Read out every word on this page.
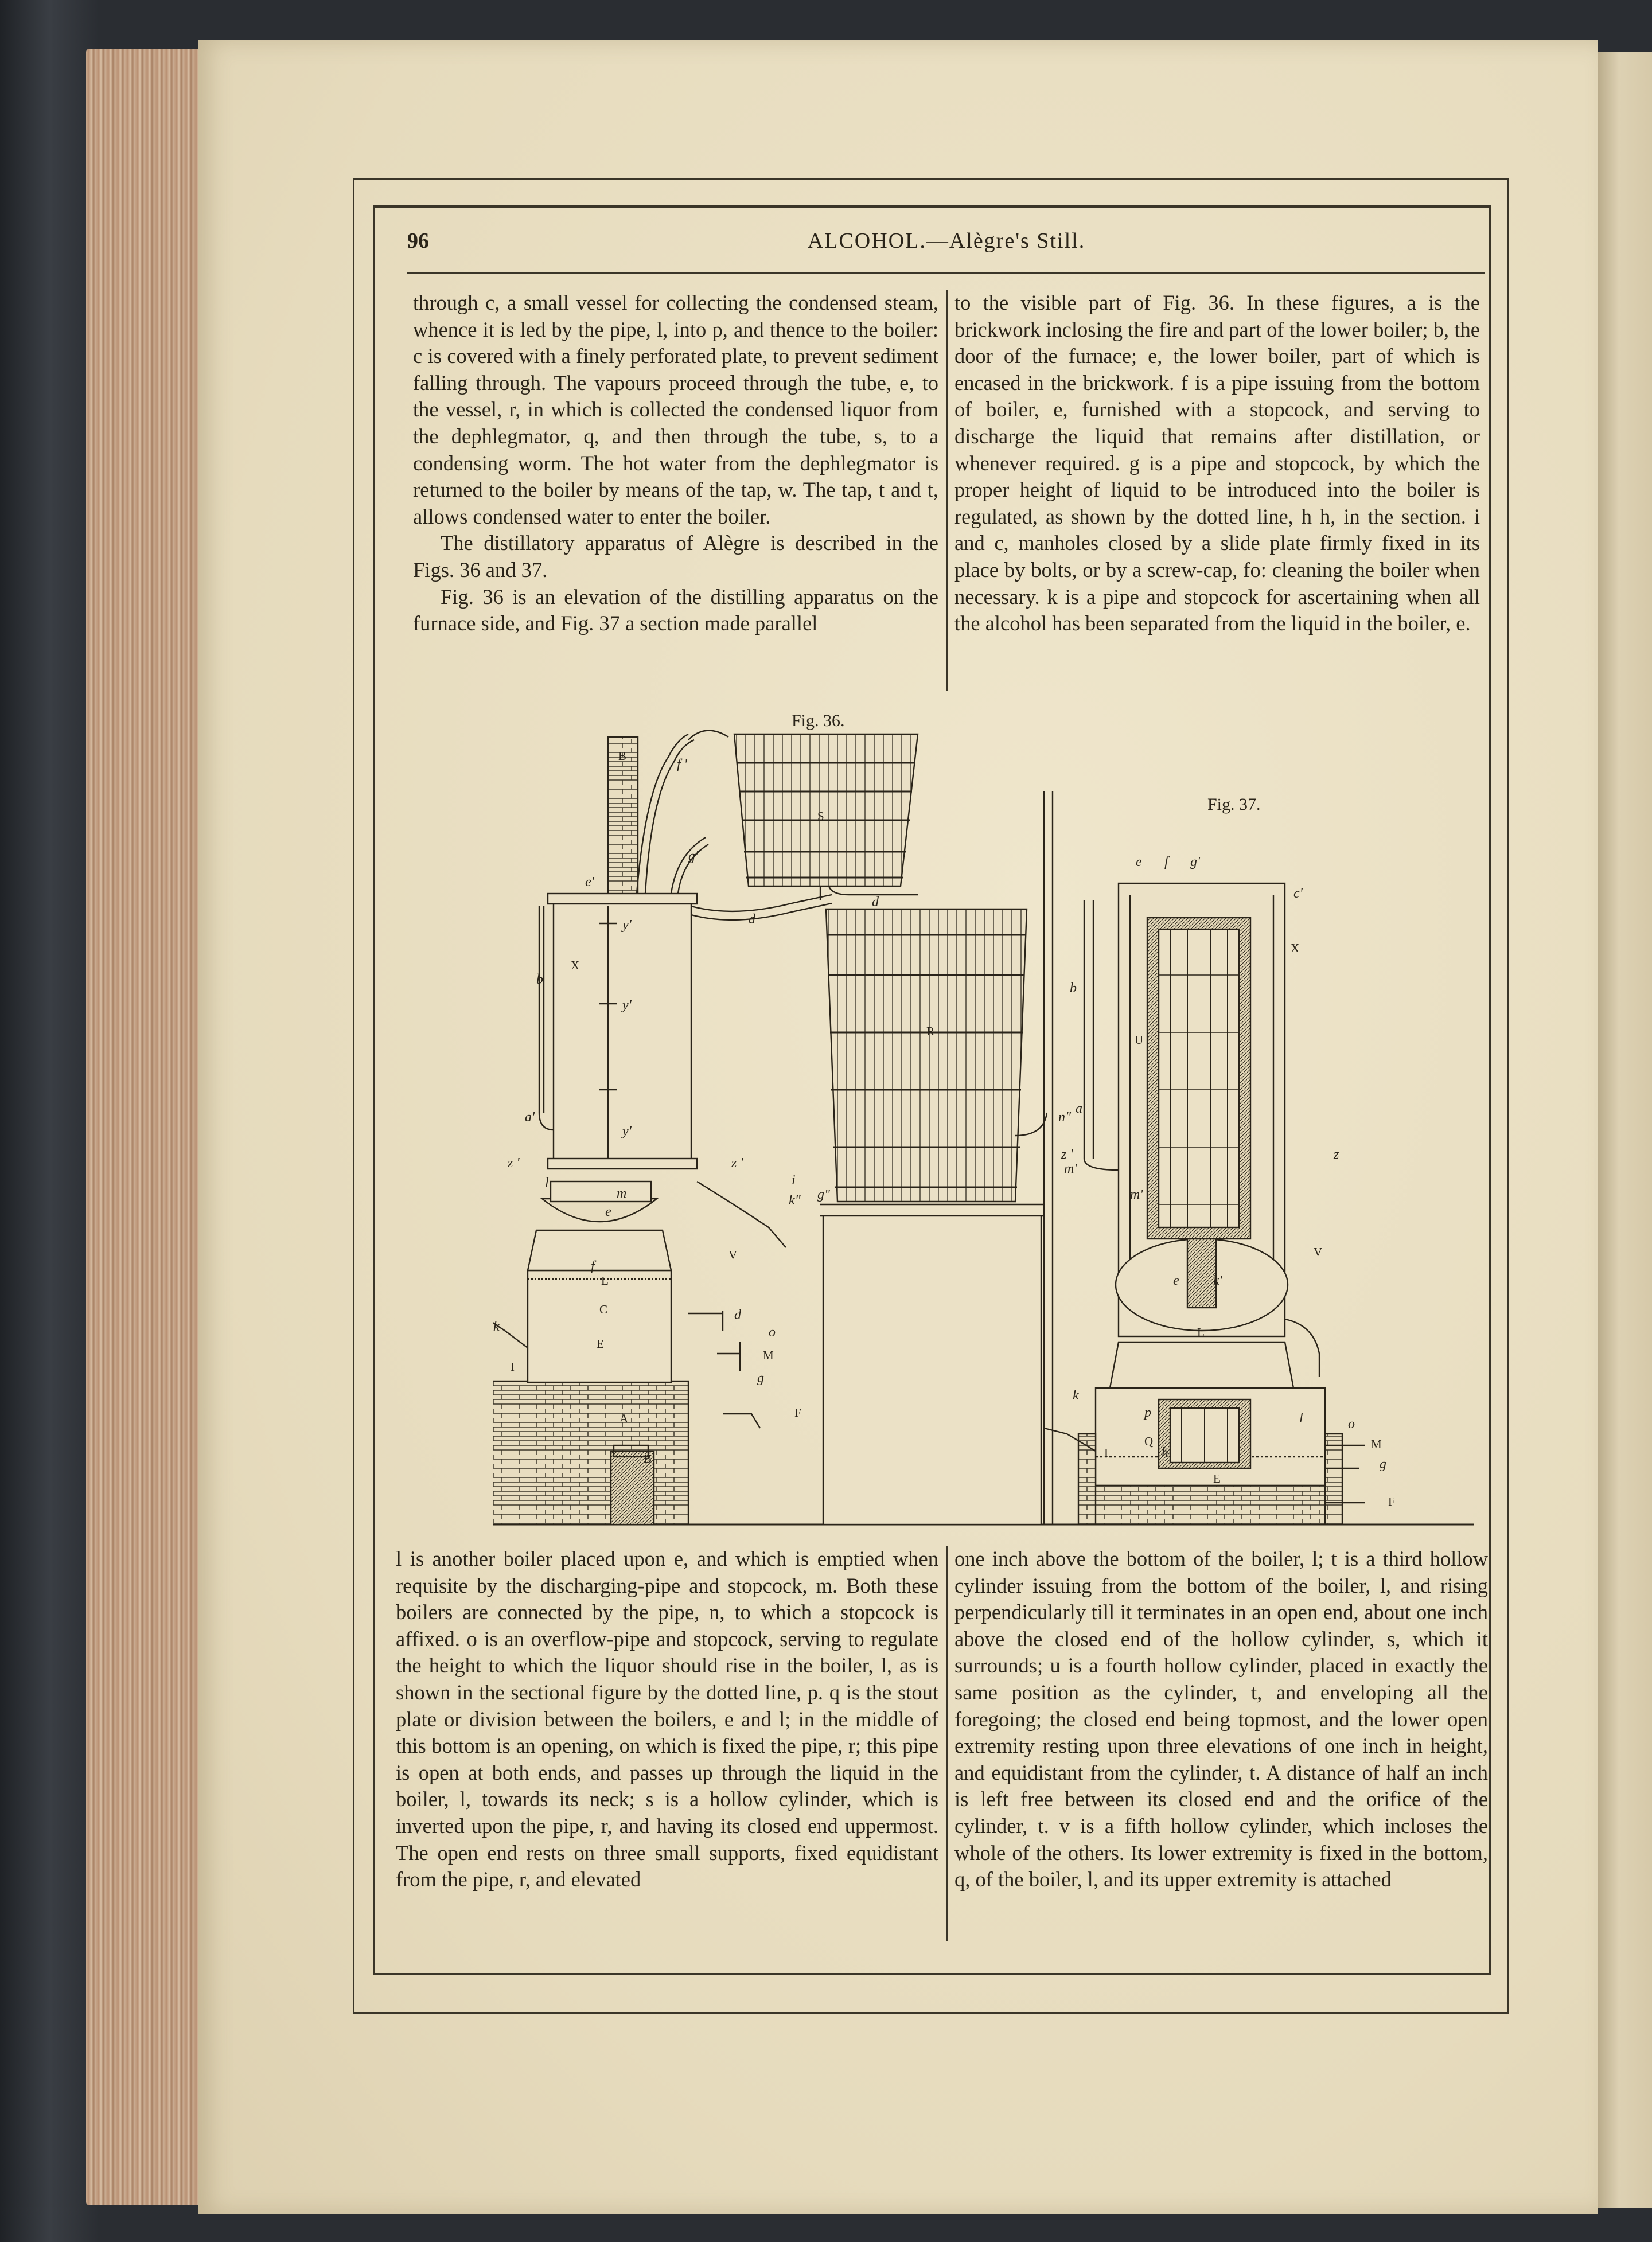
96	ALCOHOL.—Alègre's Still.

through c, a small vessel for collecting the condensed steam, whence it is led by the pipe, l, into p, and thence to the boiler: c is covered with a finely perforated plate, to prevent sediment falling through. The vapours proceed through the tube, e, to the vessel, r, in which is collected the condensed liquor from the dephlegmator, q, and then through the tube, s, to a condensing worm. The hot water from the dephlegmator is returned to the boiler by means of the tap, w. The tap, t and t, allows condensed water to enter the boiler.

The distillatory apparatus of Alègre is described in the Figs. 36 and 37.

Fig. 36 is an elevation of the distilling apparatus on the furnace side, and Fig. 37 a section made parallel

to the visible part of Fig. 36. In these figures, a is the brickwork inclosing the fire and part of the lower boiler; b, the door of the furnace; e, the lower boiler, part of which is encased in the brickwork. f is a pipe issuing from the bottom of boiler, e, furnished with a stopcock, and serving to discharge the liquid that remains after distillation, or whenever required. g is a pipe and stopcock, by which the proper height of liquid to be introduced into the boiler is regulated, as shown by the dotted line, h h, in the section. i and c, manholes closed by a slide plate firmly fixed in its place by bolts, or by a screw-cap, fo: cleaning the boiler when necessary. k is a pipe and stopcock for ascertaining when all the alcohol has been separated from the liquid in the boiler, e.

Fig. 36.
Fig. 37.
B
f '
S
g'
e'
d
d
y'
X
b
y'
R
a'
y'
z '	z '
n"
m'
i
g"
k"
l
m
e
V
f
L
C
E
k
I
d
o
M
g
F
A
B
e f g'
c'
X
b
U
a'
z '	z
m'
e k'
V
L
k
p
Q
I	h
E
l	o
M
g
F

l is another boiler placed upon e, and which is emptied when requisite by the discharging-pipe and stopcock, m. Both these boilers are connected by the pipe, n, to which a stopcock is affixed. o is an overflow-pipe and stopcock, serving to regulate the height to which the liquor should rise in the boiler, l, as is shown in the sectional figure by the dotted line, p. q is the stout plate or division between the boilers, e and l; in the middle of this bottom is an opening, on which is fixed the pipe, r; this pipe is open at both ends, and passes up through the liquid in the boiler, l, towards its neck; s is a hollow cylinder, which is inverted upon the pipe, r, and having its closed end uppermost. The open end rests on three small supports, fixed equidistant from the pipe, r, and elevated

one inch above the bottom of the boiler, l; t is a third hollow cylinder issuing from the bottom of the boiler, l, and rising perpendicularly till it terminates in an open end, about one inch above the closed end of the hollow cylinder, s, which it surrounds; u is a fourth hollow cylinder, placed in exactly the same position as the cylinder, t, and enveloping all the foregoing; the closed end being topmost, and the lower open extremity resting upon three elevations of one inch in height, and equidistant from the cylinder, t. A distance of half an inch is left free between its closed end and the orifice of the cylinder, t. v is a fifth hollow cylinder, which incloses the whole of the others. Its lower extremity is fixed in the bottom, q, of the boiler, l, and its upper extremity is attached
